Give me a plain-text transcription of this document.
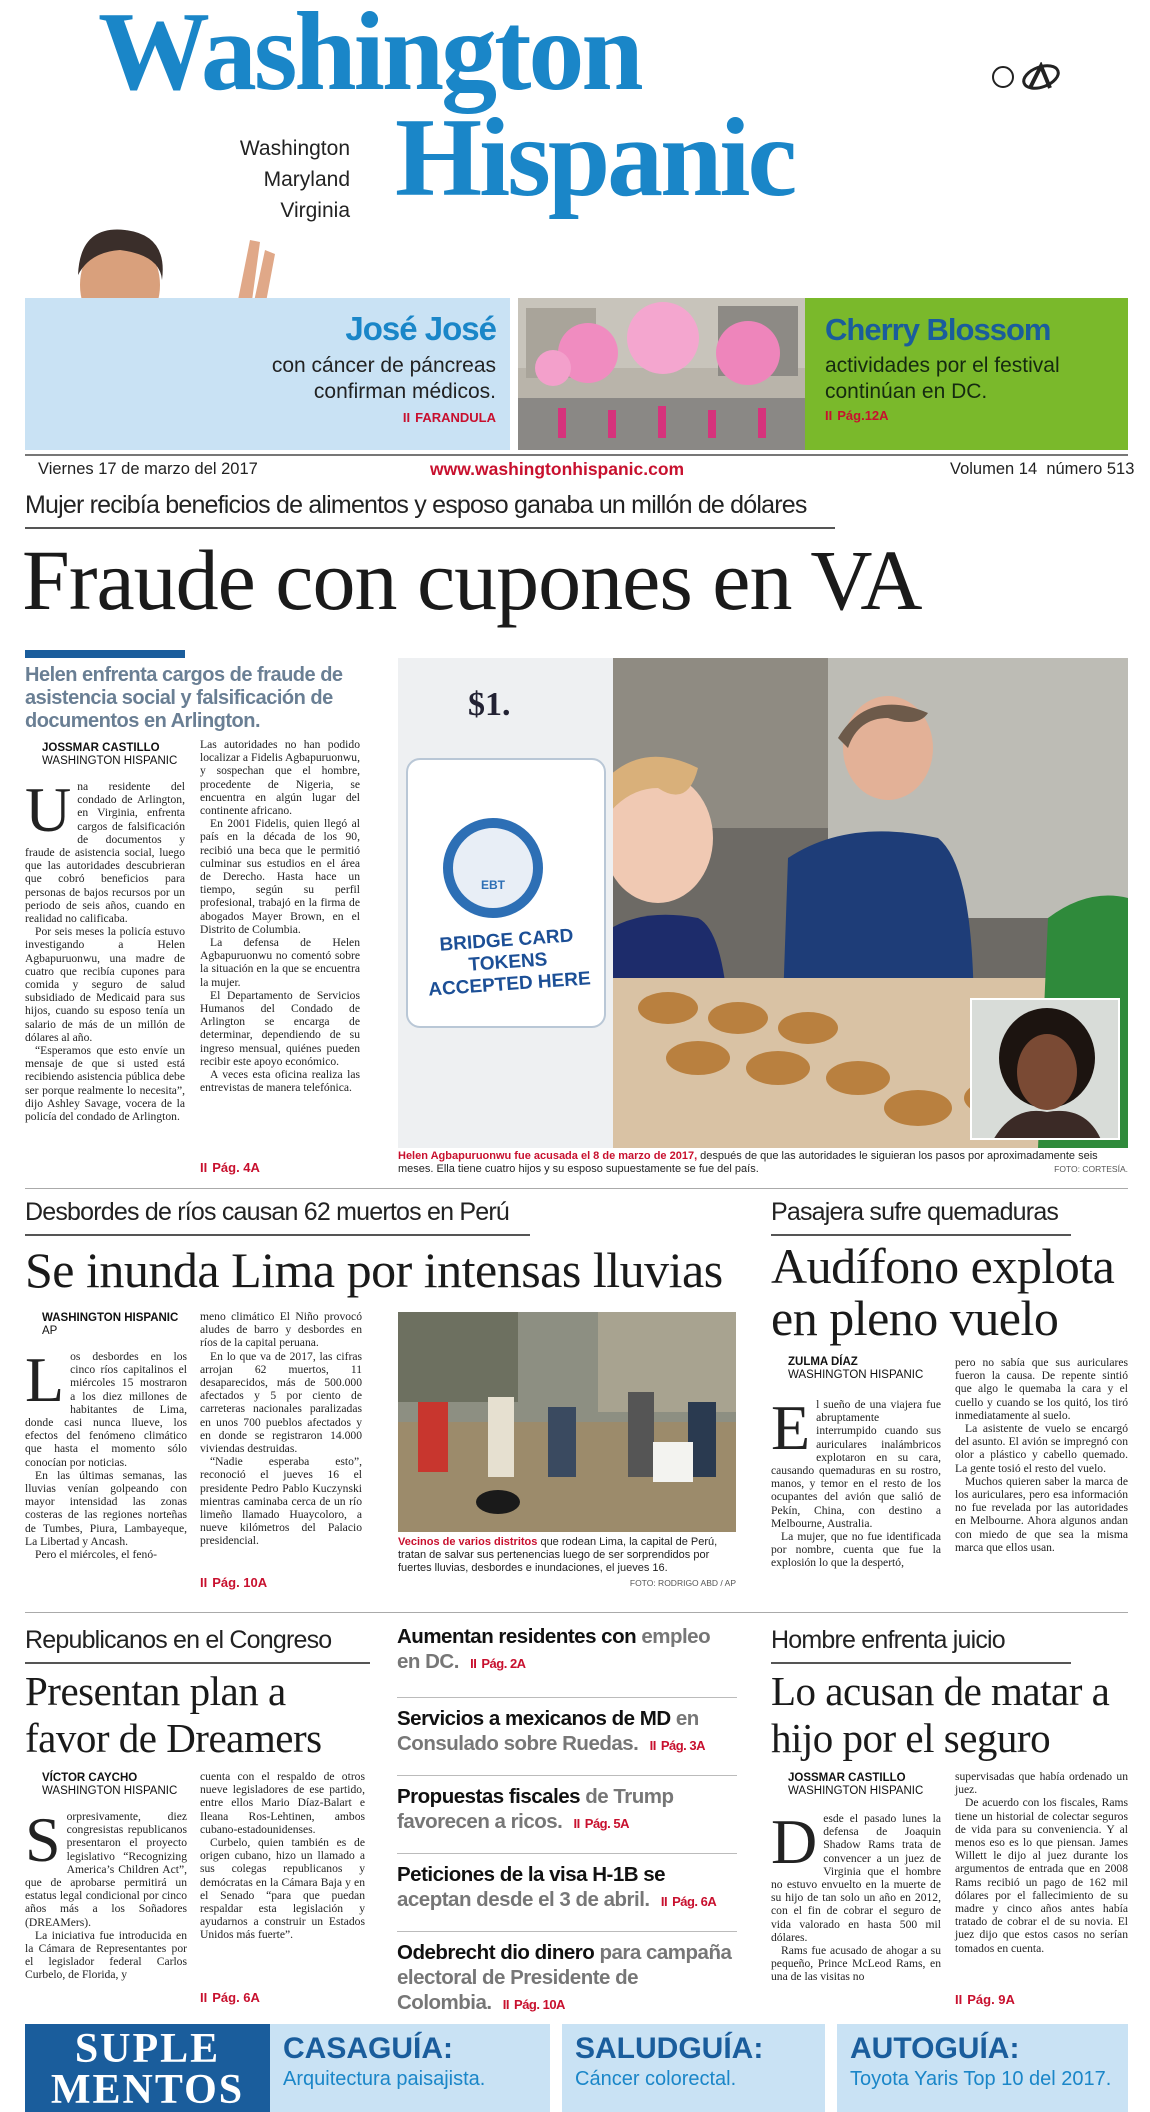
Washington
Hispanic
Washington
Maryland
Virginia
José José
con cáncer de páncreas confirman médicos.
II FARANDULA
Cherry Blossom
actividades por el festival continúan en DC.
II Pág.12A
Viernes 17 de marzo del 2017	www.washingtonhispanic.com	Volumen 14  número 513
Mujer recibía beneficios de alimentos y esposo ganaba un millón de dólares
Fraude con cupones en VA
Helen enfrenta cargos de fraude de asistencia social y falsificación de documentos en Arlington.
JOSSMAR CASTILLO
WASHINGTON HISPANIC
U na residente del condado de Arlington, en Virginia, enfrenta cargos de falsificación de documentos y fraude de asistencia social, luego que las autoridades descubrieran que cobró beneficios para personas de bajos recursos por un periodo de seis años, cuando en realidad no calificaba.

Por seis meses la policía estuvo investigando a Helen Agbapuruonwu, una madre de cuatro que recibía cupones para comida y seguro de salud subsidiado de Medicaid para sus hijos, cuando su esposo tenía un salario de más de un millón de dólares al año.

“Esperamos que esto envíe un mensaje de que si usted está recibiendo asistencia pública debe ser porque realmente lo necesita”, dijo Ashley Savage, vocera de la policía del condado de Arlington.

Las autoridades no han podido localizar a Fidelis Agbapuruonwu, y sospechan que el hombre, procedente de Nigeria, se encuentra en algún lugar del continente africano.

En 2001 Fidelis, quien llegó al país en la década de los 90, recibió una beca que le permitió culminar sus estudios en el área de Derecho. Hasta hace un tiempo, según su perfil profesional, trabajó en la firma de abogados Mayer Brown, en el Distrito de Columbia.

La defensa de Helen Agbapuruonwu no comentó sobre la situación en la que se encuentra la mujer.

El Departamento de Servicios Humanos del Condado de Arlington se encarga de determinar, dependiendo de su ingreso mensual, quiénes pueden recibir este apoyo económico.

A veces esta oficina realiza las entrevistas de manera telefónica.

II Pág. 4A
$1.
EBT
BRIDGE CARD TOKENS ACCEPTED HERE
Helen Agbapuruonwu fue acusada el 8 de marzo de 2017, después de que las autoridades le siguieran los pasos por aproximadamente seis meses. Ella tiene cuatro hijos y su esposo supuestamente se fue del país.	FOTO: CORTESÍA.
Desbordes de ríos causan 62 muertos en Perú
Se inunda Lima por intensas lluvias
WASHINGTON HISPANIC
AP
L os desbordes en los cinco ríos capitalinos el miércoles 15 mostraron a los diez millones de habitantes de Lima, donde casi nunca llueve, los efectos del fenómeno climático que hasta el momento sólo conocían por noticias.

En las últimas semanas, las lluvias venían golpeando con mayor intensidad las zonas costeras de las regiones norteñas de Tumbes, Piura, Lambayeque, La Libertad y Ancash.

Pero el miércoles, el fenó-

meno climático El Niño provocó aludes de barro y desbordes en ríos de la capital peruana.

En lo que va de 2017, las cifras arrojan 62 muertos, 11 desaparecidos, más de 500.000 afectados y 5 por ciento de carreteras nacionales paralizadas en unos 700 pueblos afectados y en donde se registraron 14.000 viviendas destruidas.

“Nadie esperaba esto”, reconoció el jueves 16 el presidente Pedro Pablo Kuczynski mientras caminaba cerca de un río limeño llamado Huaycoloro, a nueve kilómetros del Palacio presidencial.

II Pág. 10A
Vecinos de varios distritos que rodean Lima, la capital de Perú, tratan de salvar sus pertenencias luego de ser sorprendidos por fuertes lluvias, desbordes e inundaciones, el jueves 16.
FOTO: RODRIGO ABD / AP
Pasajera sufre quemaduras
Audífono explota en pleno vuelo
ZULMA DÍAZ
WASHINGTON HISPANIC
E l sueño de una viajera fue abruptamente interrumpido cuando sus auriculares inalámbricos explotaron en su cara, causando quemaduras en su rostro, manos, y temor en el resto de los ocupantes del avión que salió de Pekín, China, con destino a Melbourne, Australia.

La mujer, que no fue identificada por nombre, cuenta que fue la explosión lo que la despertó,

pero no sabía que sus auriculares fueron la causa. De repente sintió que algo le quemaba la cara y el cuello y cuando se los quitó, los tiró inmediatamente al suelo.

La asistente de vuelo se encargó del asunto. El avión se impregnó con olor a plástico y cabello quemado. La gente tosió el resto del vuelo.

Muchos quieren saber la marca de los auriculares, pero esa información no fue revelada por las autoridades en Melbourne. Ahora algunos andan con miedo de que sea la misma marca que ellos usan.

Republicanos en el Congreso
Presentan plan a favor de Dreamers
VÍCTOR CAYCHO
WASHINGTON HISPANIC
S orpresivamente, diez congresistas republicanos presentaron el proyecto legislativo “Recognizing America’s Children Act”, que de aprobarse permitirá un estatus legal condicional por cinco años más a los Soñadores (DREAMers).

La iniciativa fue introducida en la Cámara de Representantes por el legislador federal Carlos Curbelo, de Florida, y

cuenta con el respaldo de otros nueve legisladores de ese partido, entre ellos Mario Díaz-Balart e Ileana Ros-Lehtinen, ambos cubano-estadounidenses.

Curbelo, quien también es de origen cubano, hizo un llamado a sus colegas republicanos y demócratas en la Cámara Baja y en el Senado “para que puedan respaldar esta legislación y ayudarnos a construir un Estados Unidos más fuerte”.

II Pág. 6A
Aumentan residentes con empleo en DC. II Pág. 2A
Servicios a mexicanos de MD en Consulado sobre Ruedas. II Pág. 3A
Propuestas fiscales de Trump favorecen a ricos. II Pág. 5A
Peticiones de la visa H-1B se aceptan desde el 3 de abril. II Pág. 6A
Odebrecht dio dinero para campaña electoral de Presidente de Colombia. II Pág. 10A
Hombre enfrenta juicio
Lo acusan de matar a hijo por el seguro
JOSSMAR CASTILLO
WASHINGTON HISPANIC
D esde el pasado lunes la defensa de Joaquin Shadow Rams trata de convencer a un juez de Virginia que el hombre no estuvo envuelto en la muerte de su hijo de tan solo un año en 2012, con el fin de cobrar el seguro de vida valorado en hasta 500 mil dólares.

Rams fue acusado de ahogar a su pequeño, Prince McLeod Rams, en una de las visitas no

supervisadas que había ordenado un juez.

De acuerdo con los fiscales, Rams tiene un historial de colectar seguros de vida para su conveniencia. Y al menos eso es lo que piensan. James Willett le dijo al juez durante los argumentos de entrada que en 2008 Rams recibió un pago de 162 mil dólares por el fallecimiento de su madre y cinco años antes había tratado de cobrar el de su novia. El juez dijo que estos casos no serían tomados en cuenta.

II Pág. 9A
SUPLE
MENTOS
CASAGUÍA:
Arquitectura paisajista.
SALUDGUÍA:
Cáncer colorectal.
AUTOGUÍA:
Toyota Yaris Top 10 del 2017.
